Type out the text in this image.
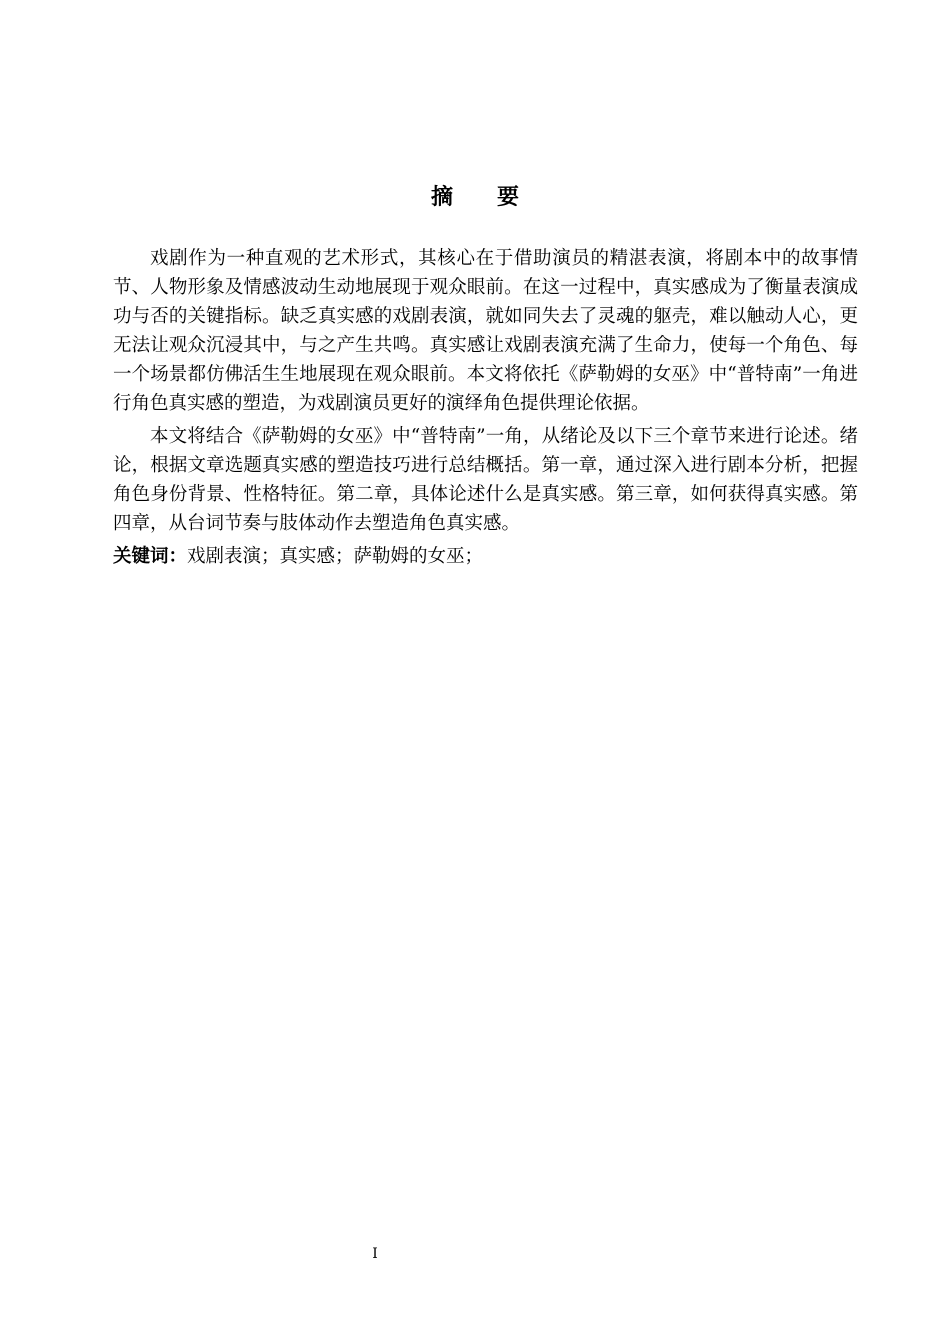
摘 要

戏剧作为一种直观的艺术形式，其核心在于借助演员的精湛表演，将剧本中的故事情节、人物形象及情感波动生动地展现于观众眼前。在这一过程中，真实感成为了衡量表演成功与否的关键指标。缺乏真实感的戏剧表演，就如同失去了灵魂的躯壳，难以触动人心，更无法让观众沉浸其中，与之产生共鸣。真实感让戏剧表演充满了生命力，使每一个角色、每一个场景都仿佛活生生地展现在观众眼前。本文将依托《萨勒姆的女巫》中“普特南”一角进行角色真实感的塑造，为戏剧演员更好的演绎角色提供理论依据。

本文将结合《萨勒姆的女巫》中“普特南”一角，从绪论及以下三个章节来进行论述。绪论，根据文章选题真实感的塑造技巧进行总结概括。第一章，通过深入进行剧本分析，把握角色身份背景、性格特征。第二章，具体论述什么是真实感。第三章，如何获得真实感。第四章，从台词节奏与肢体动作去塑造角色真实感。

关键词：戏剧表演；真实感；萨勒姆的女巫；

I
